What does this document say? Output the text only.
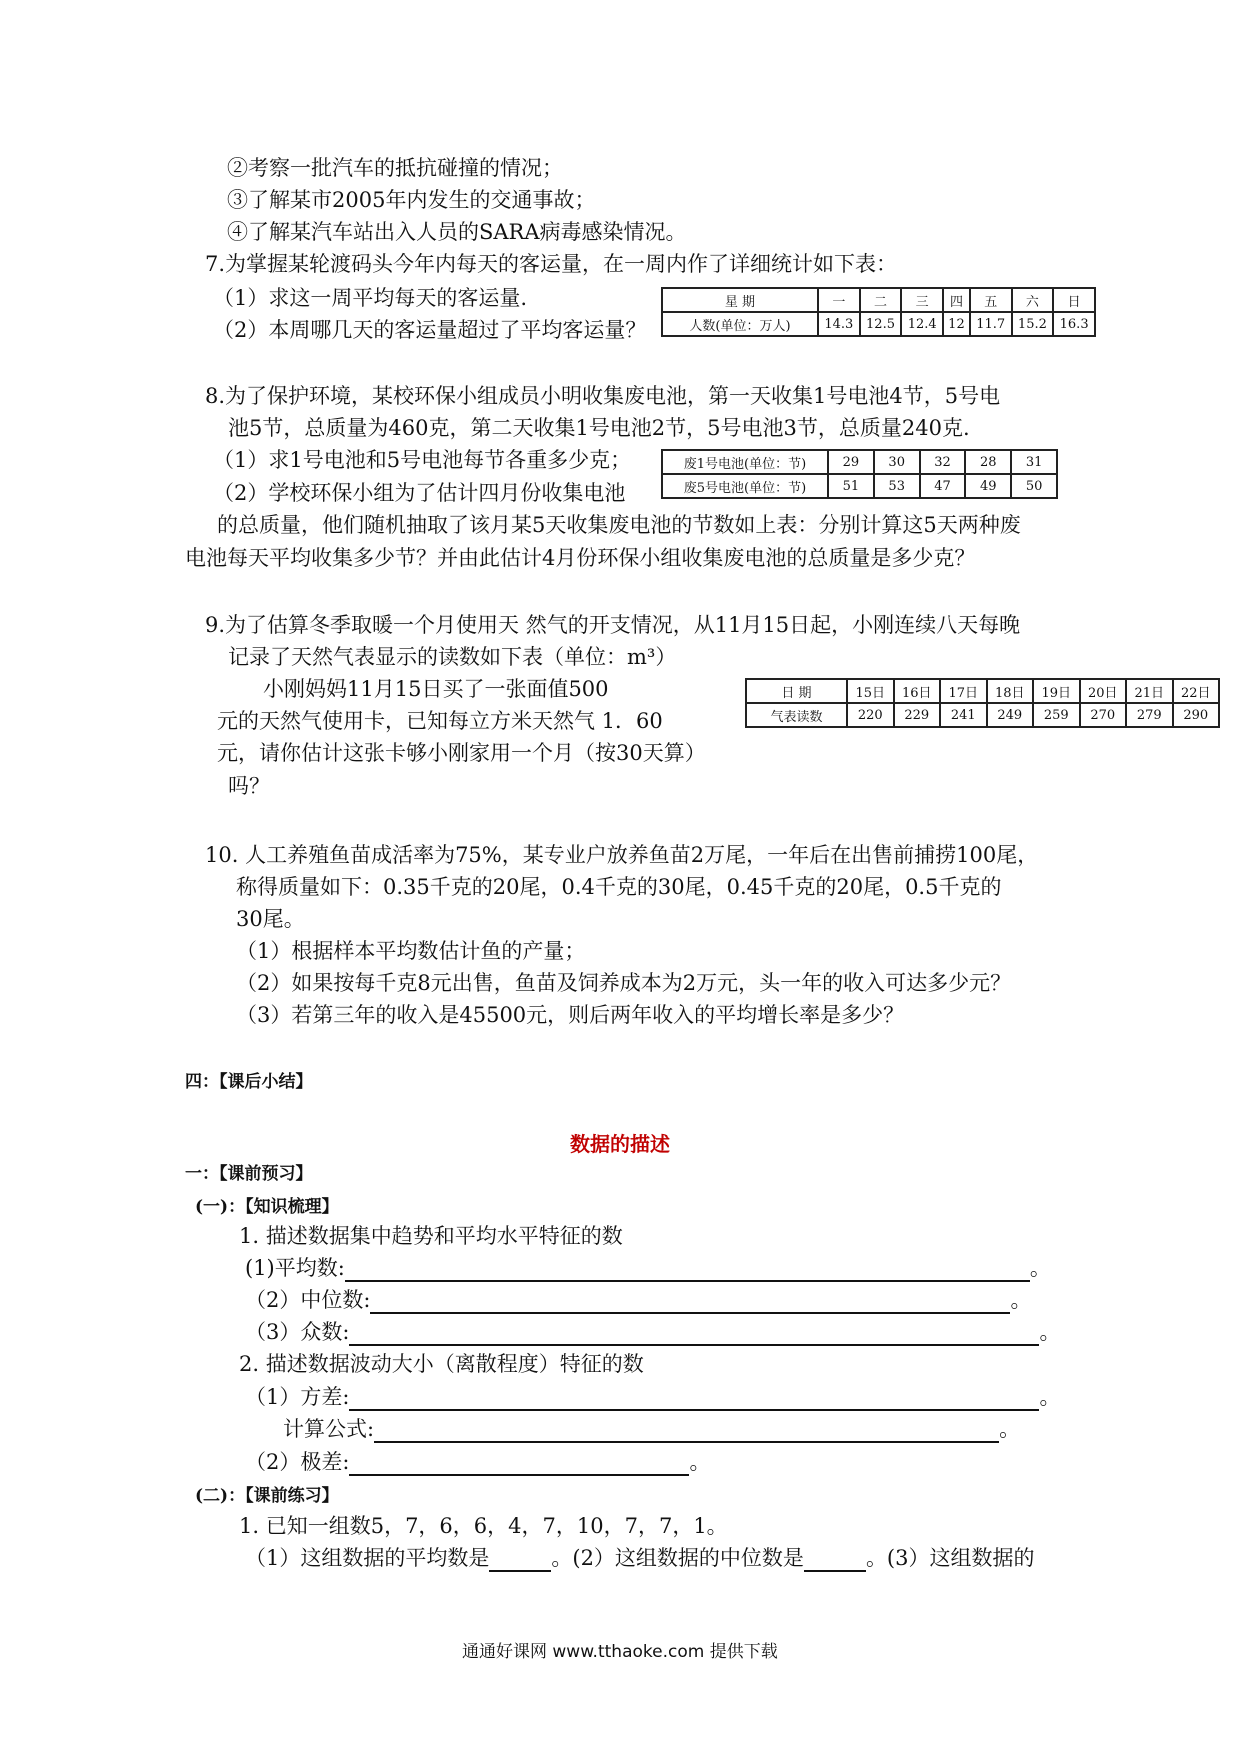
②考察一批汽车的抵抗碰撞的情况；
③了解某市2005年内发生的交通事故；
④了解某汽车站出入人员的SARA病毒感染情况。
7.为掌握某轮渡码头今年内每天的客运量，在一周内作了详细统计如下表：
（1）求这一周平均每天的客运量.
（2）本周哪几天的客运量超过了平均客运量？
星 期	一	二	三	四	五	六	日
人数(单位：万人)	14.3	12.5	12.4	12	11.7	15.2	16.3
8.为了保护环境，某校环保小组成员小明收集废电池，第一天收集1号电池4节，5号电
池5节，总质量为460克，第二天收集1号电池2节，5号电池3节，总质量240克.
（1）求1号电池和5号电池每节各重多少克；
（2）学校环保小组为了估计四月份收集电池
废1号电池(单位：节)	29	30	32	28	31
废5号电池(单位：节)	51	53	47	49	50
的总质量，他们随机抽取了该月某5天收集废电池的节数如上表：分别计算这5天两种废
电池每天平均收集多少节？并由此估计4月份环保小组收集废电池的总质量是多少克？
9.为了估算冬季取暖一个月使用天 然气的开支情况，从11月15日起，小刚连续八天每晚
记录了天然气表显示的读数如下表（单位：m³）
小刚妈妈11月15日买了一张面值500
元的天然气使用卡，已知每立方米天然气 1．60
元，请你估计这张卡够小刚家用一个月（按30天算）
吗？
日 期	15日	16日	17日	18日	19日	20日	21日	22日
气表读数	220	229	241	249	259	270	279	290
10. 人工养殖鱼苗成活率为75%，某专业户放养鱼苗2万尾，一年后在出售前捕捞100尾，
称得质量如下：0.35千克的20尾，0.4千克的30尾，0.45千克的20尾，0.5千克的
30尾。
（1）根据样本平均数估计鱼的产量；
（2）如果按每千克8元出售，鱼苗及饲养成本为2万元，头一年的收入可达多少元？
（3）若第三年的收入是45500元，则后两年收入的平均增长率是多少？
四：【课后小结】
数据的描述
一：【课前预习】
(一)：【知识梳理】
1. 描述数据集中趋势和平均水平特征的数
(1)平均数:	。
（2）中位数:	。
（3）众数:	。
2. 描述数据波动大小（离散程度）特征的数
（1）方差:	。
计算公式:	。
（2）极差:	。
(二)：【课前练习】
1. 已知一组数5，7，6，6，4，7，10，7，7，1。
（1）这组数据的平均数是	。(2）这组数据的中位数是	。(3）这组数据的
通通好课网 www.tthaoke.com 提供下载
